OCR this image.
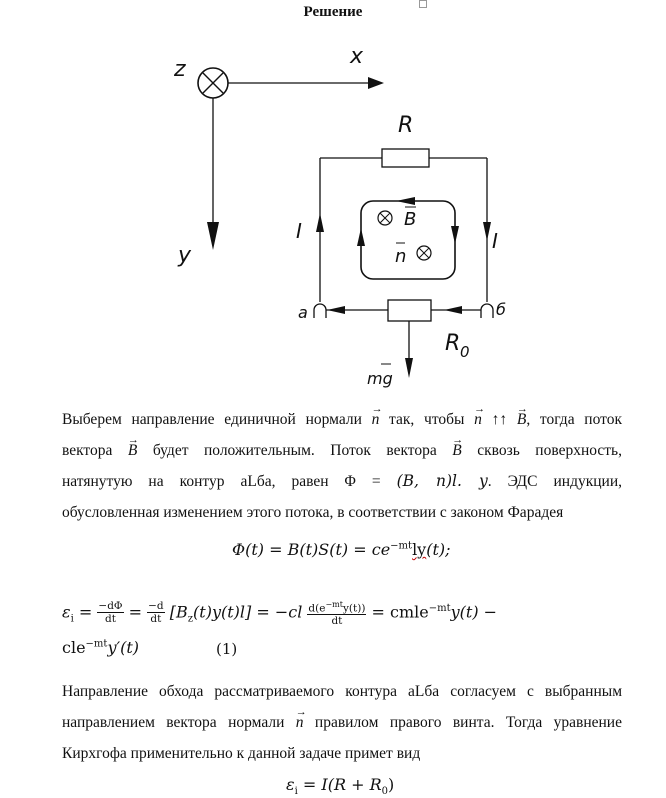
Решение
z
x
y
R
I	I
B
n
a	б
R 0
mg
Выберем направление единичной нормали → n так, чтобы → n ↑↑ → B, тогда поток
вектора → B будет положительным. Поток вектора → B сквозь поверхность,
натянутую на контур aLба, равен Φ = (B, n)l. y. ЭДС индукции,
обусловленная изменением этого потока, в соответствии с законом Фарадея
$\Phi(t) = B(t)S(t) = ce^{-mt}ly(t)$;
$\varepsilon_i = \frac{-d\Phi}{dt} = \frac{-d}{dt} [B_z(t)y(t)l] = -cl \frac{d(e^{-mt}y(t))}{dt}$ = cmle$^{-mt}$y(t) −
cle$^{-mt}$y′(t)	(1)
Направление обхода рассматриваемого контура aLба согласуем с выбранным
направлением вектора нормали → n правилом правого винта. Тогда уравнение
Кирхгофа применительно к данной задаче примет вид
$\varepsilon_i = I(R + R_0)$
